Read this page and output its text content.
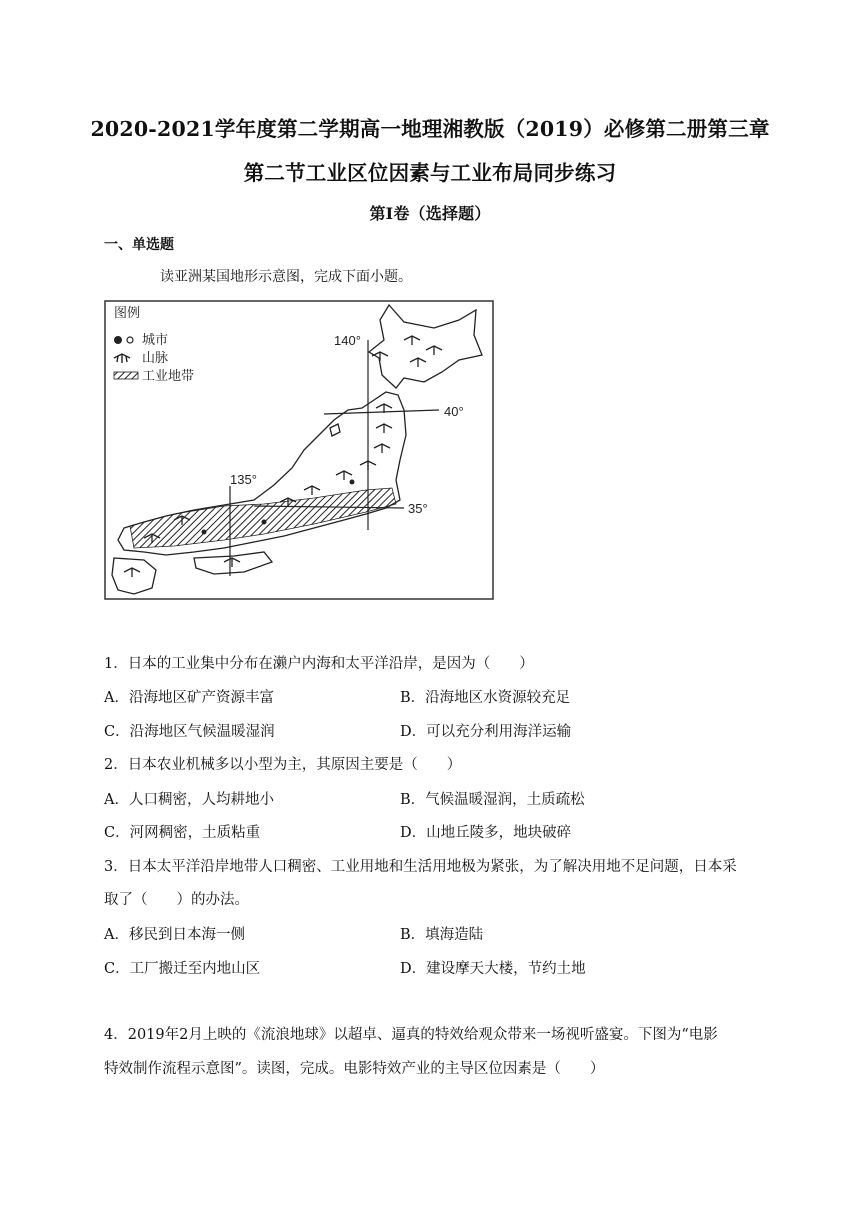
2020-2021学年度第二学期高一地理湘教版（2019）必修第二册第三章
第二节工业区位因素与工业布局同步练习
第I卷（选择题）
一、单选题
读亚洲某国地形示意图，完成下面小题。
图例
城市
山脉
工业地带
140°
135°
40°
35°
1．日本的工业集中分布在濑户内海和太平洋沿岸，是因为（　　）
A．沿海地区矿产资源丰富	B．沿海地区水资源较充足
C．沿海地区气候温暖湿润	D．可以充分利用海洋运输
2．日本农业机械多以小型为主，其原因主要是（　　）
A．人口稠密，人均耕地小	B．气候温暖湿润，土质疏松
C．河网稠密，土质粘重	D．山地丘陵多，地块破碎
3．日本太平洋沿岸地带人口稠密、工业用地和生活用地极为紧张，为了解决用地不足问题，日本采
取了（　　）的办法。
A．移民到日本海一侧	B．填海造陆
C．工厂搬迁至内地山区	D．建设摩天大楼，节约土地
4．2019年2月上映的《流浪地球》以超卓、逼真的特效给观众带来一场视听盛宴。下图为“电影
特效制作流程示意图”。读图，完成。电影特效产业的主导区位因素是（　　）
